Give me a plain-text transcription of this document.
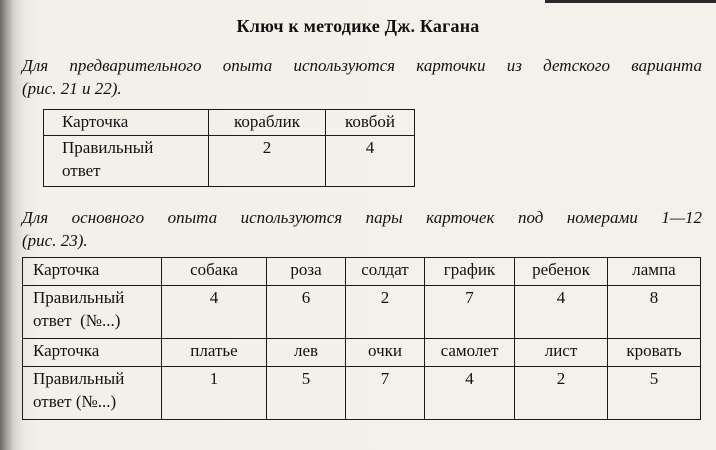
Ключ к методике Дж. Кагана
Для предварительного опыта используются карточки из детского варианта
(рис. 21 и 22).
Карточка	кораблик	ковбой

Правильный
ответ	2	4
Для основного опыта используются пары карточек под номерами 1—12
(рис. 23).
Карточка	собака	роза	солдат	график	ребенок	лампа

Правильный
ответ  (№...)	4	6	2	7	4	8
Карточка	платье	лев	очки	самолет	лист	кровать

Правильный
ответ (№...)	1	5	7	4	2	5
